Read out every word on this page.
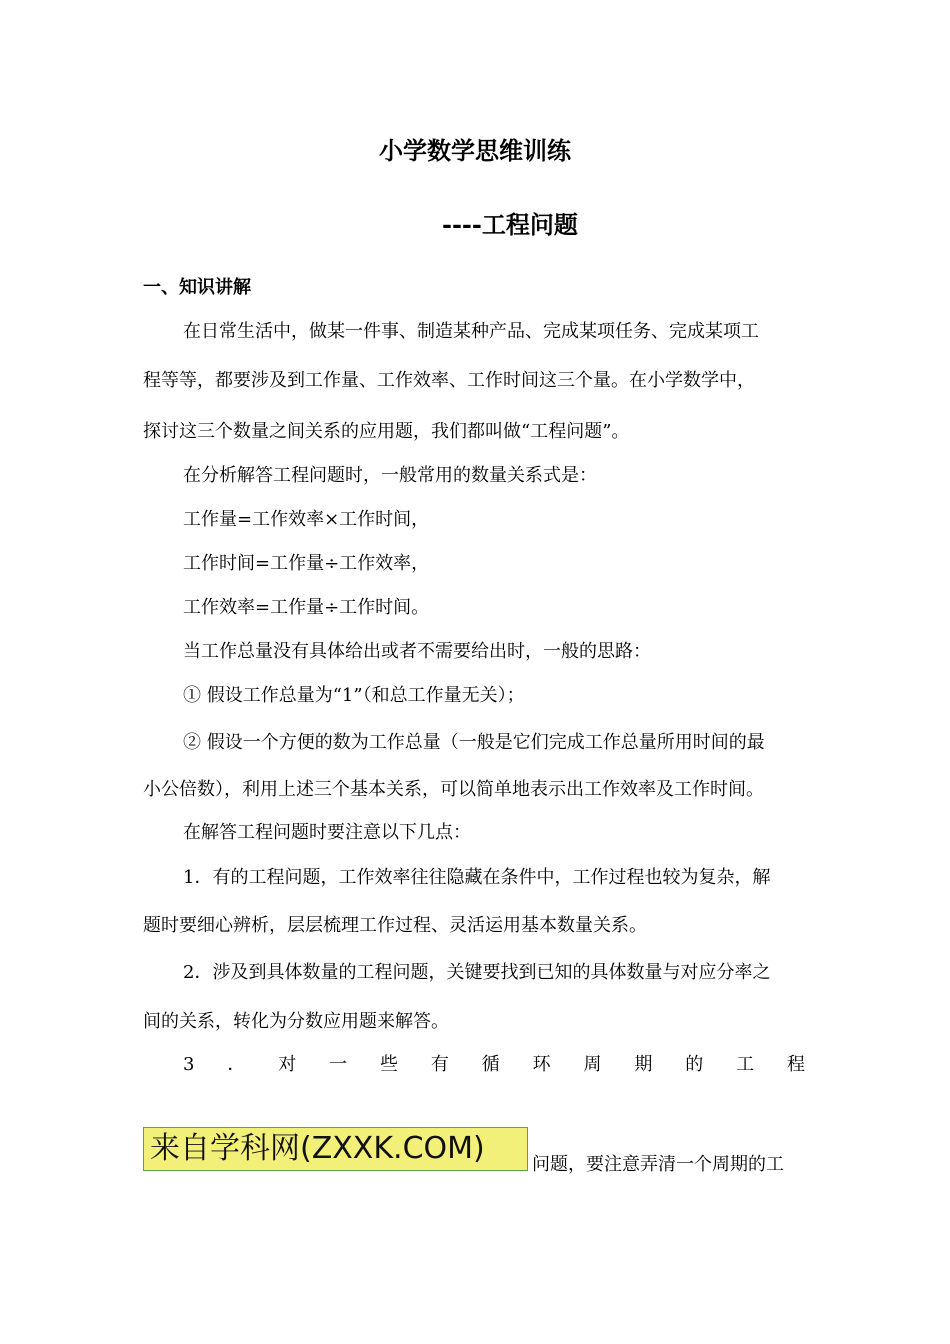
小学数学思维训练
----工程问题
一、知识讲解
在日常生活中，做某一件事、制造某种产品、完成某项任务、完成某项工
程等等，都要涉及到工作量、工作效率、工作时间这三个量。在小学数学中，
探讨这三个数量之间关系的应用题，我们都叫做“工程问题”。
在分析解答工程问题时，一般常用的数量关系式是：
工作量=工作效率×工作时间，
工作时间=工作量÷工作效率，
工作效率=工作量÷工作时间。
当工作总量没有具体给出或者不需要给出时，一般的思路：
① 假设工作总量为“1”（和总工作量无关）；
② 假设一个方便的数为工作总量（一般是它们完成工作总量所用时间的最
小公倍数），利用上述三个基本关系，可以简单地表示出工作效率及工作时间。
在解答工程问题时要注意以下几点：
1．有的工程问题，工作效率往往隐藏在条件中，工作过程也较为复杂，解
题时要细心辨析，层层梳理工作过程、灵活运用基本数量关系。
2．涉及到具体数量的工程问题，关键要找到已知的具体数量与对应分率之
间的关系，转化为分数应用题来解答。
3 ． 对 一 些 有 循 环 周 期 的 工 程
来自学科网(ZXXK.COM)	问题，要注意弄清一个周期的工
